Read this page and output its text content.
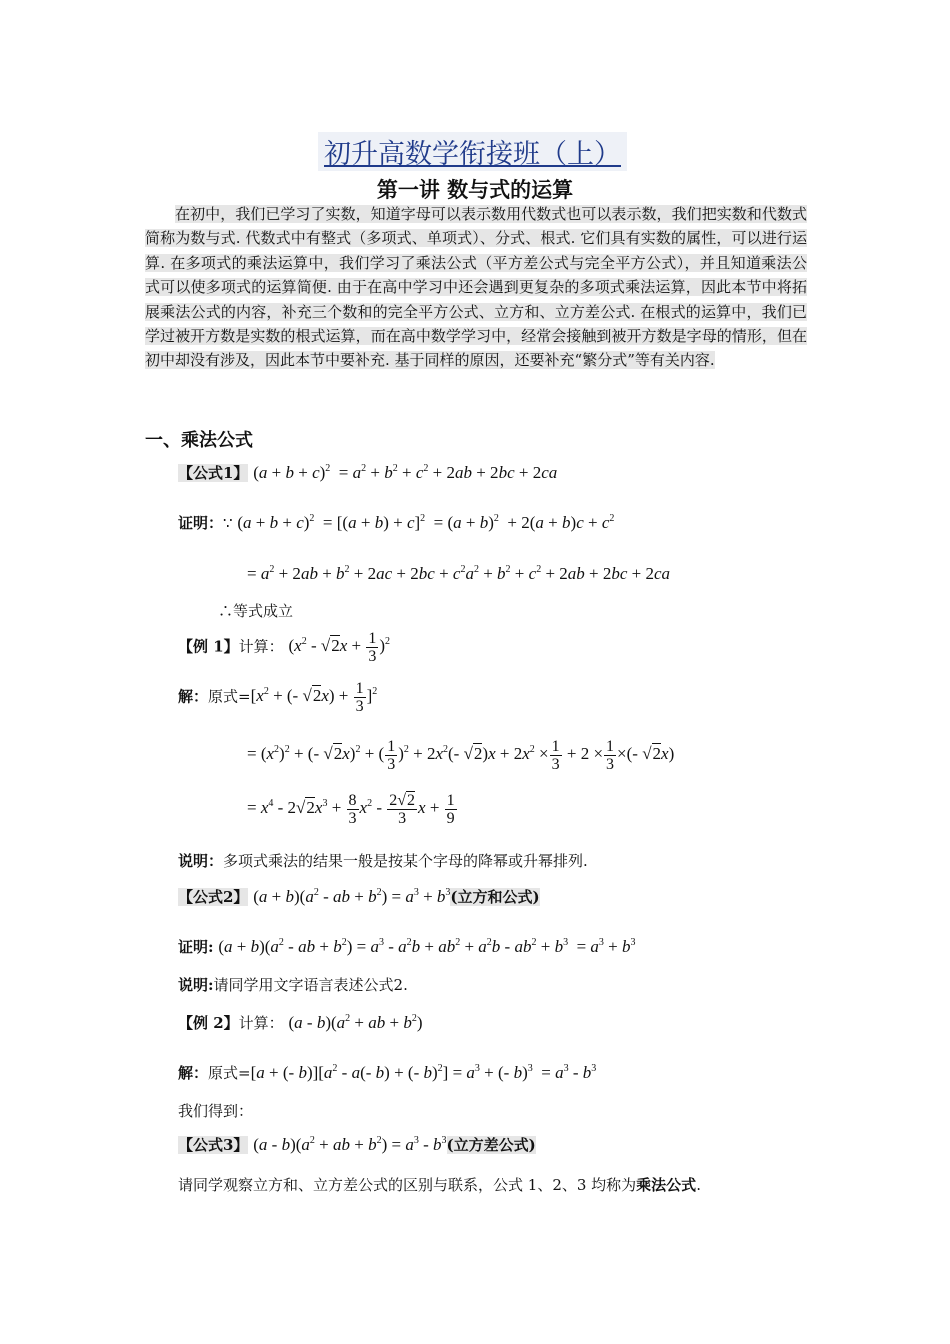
初升高数学衔接班（上）
第一讲 数与式的运算
在初中，我们已学习了实数，知道字母可以表示数用代数式也可以表示数，我们把实数和代数式简称为数与式. 代数式中有整式（多项式、单项式）、分式、根式. 它们具有实数的属性，可以进行运算. 在多项式的乘法运算中，我们学习了乘法公式（平方差公式与完全平方公式），并且知道乘法公式可以使多项式的运算简便. 由于在高中学习中还会遇到更复杂的多项式乘法运算，因此本节中将拓展乘法公式的内容，补充三个数和的完全平方公式、立方和、立方差公式. 在根式的运算中，我们已学过被开方数是实数的根式运算，而在高中数学学习中，经常会接触到被开方数是字母的情形，但在初中却没有涉及，因此本节中要补充. 基于同样的原因，还要补充“繁分式”等有关内容.
一、乘法公式
【公式1】 $(a + b + c)^2 = a^2 + b^2 + c^2 + 2ab + 2bc + 2ca$
证明：∵ $(a + b + c)^2 = [(a + b) + c]^2 = (a + b)^2 + 2(a + b)c + c^2$
= $a^2 + 2ab + b^2 + 2ac + 2bc + c^2a^2 + b^2 + c^2 + 2ab + 2bc + 2ca$
∴等式成立
【例 1】计算： $(x^2 - √2x + \frac{1}{3} )^2$
解：原式$=[x^2$ + (- $√2x) + \frac{1}{3} ]^2$
= $(x^2)^2$ + (- √2x)$^2$ + ( $\frac{1}{3} )^2 + 2x^2(-$ $√2)x + 2x^2 \times \frac{1}{3} + 2 \times \frac{1}{3}$ ×(- √2x)
= $x^4 - 2√2x^3 + \frac{8}{3} x^2 - \frac{2√2}{3}$ $x + \frac{1}{9}$
说明：多项式乘法的结果一般是按某个字母的降幂或升幂排列.
【公式2】 $(a + b)(a^2$ - ab + $b^2) = a^3 + b^3$(立方和公式)
证明: $(a + b)(a^2$ - ab + $b^2) = a^3 - a^2b + ab^2 + a^2b - ab^2 + b^3 = a^3 + b^3$
说明:请同学用文字语言表述公式2.
【例 2】计算： $(a - b)(a^2$ + ab + $b^2$)
解：原式=[a + (- $b)][a^2 - a(-$ b) + (- $b)^2] = a^3$ + (- $b)^3 = a^3 - b^3$
我们得到：
【公式3】 $(a - b)(a^2$ + ab + $b^2) = a^3 - b^3$(立方差公式)
请同学观察立方和、立方差公式的区别与联系，公式 1、2、3 均称为乘法公式.
